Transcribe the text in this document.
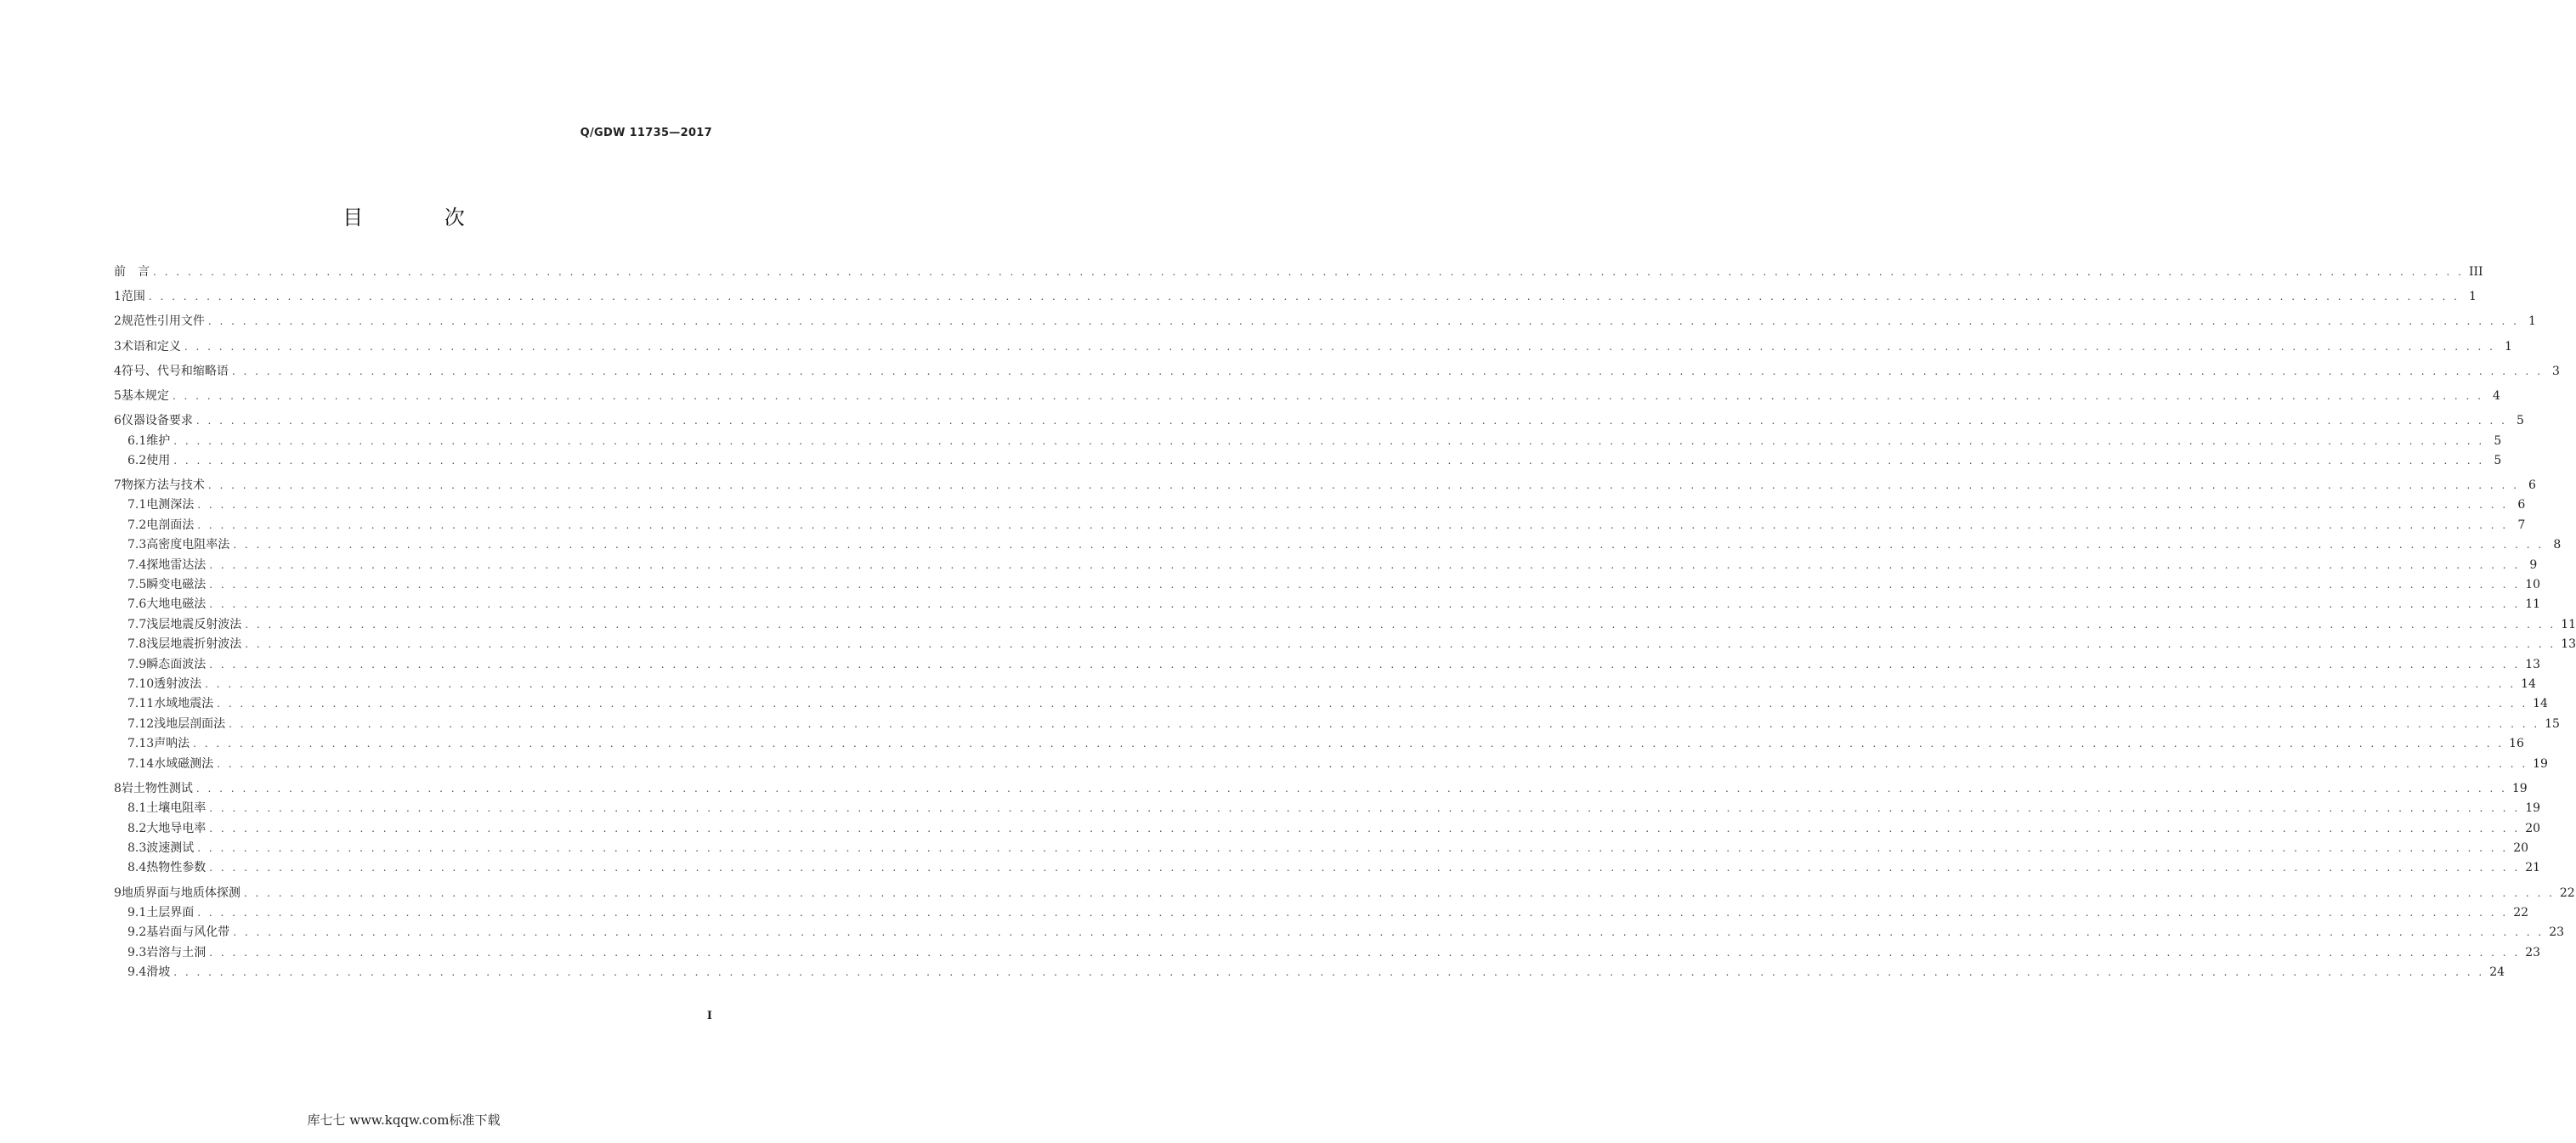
Q/GDW 11735—2017
目 次
前　言 . . . . . . . . . . . . . . . . . . . . . . . . . . . . . . . . . . . . . . . . . . . . . . . . . . . . . . . . . . . . . . . . . . . . . . . . . . . . . . . . . . . . . . . . . . . . . . . . . . . . . . . . . . . . . . . . . . . . . . . . . . . . . . . . . . . . . . . . . . . . . . . . . . . . . . . . . . . . . . . . . . . . . . . . . . . . . . . . . . . . . . . . . . . . . . . . . . . . . . . . III
1 范围 . . . . . . . . . . . . . . . . . . . . . . . . . . . . . . . . . . . . . . . . . . . . . . . . . . . . . . . . . . . . . . . . . . . . . . . . . . . . . . . . . . . . . . . . . . . . . . . . . . . . . . . . . . . . . . . . . . . . . . . . . . . . . . . . . . . . . . . . . . . . . . . . . . . . . . . . . . . . . . . . . . . . . . . . . . . . . . . . . . . . . . . . . . . . . . . . . . . . . . . . 1
2 规范性引用文件 . . . . . . . . . . . . . . . . . . . . . . . . . . . . . . . . . . . . . . . . . . . . . . . . . . . . . . . . . . . . . . . . . . . . . . . . . . . . . . . . . . . . . . . . . . . . . . . . . . . . . . . . . . . . . . . . . . . . . . . . . . . . . . . . . . . . . . . . . . . . . . . . . . . . . . . . . . . . . . . . . . . . . . . . . . . . . . . . . . . . . . . . . . . . . . . . . . . . . . . . 1
3 术语和定义 . . . . . . . . . . . . . . . . . . . . . . . . . . . . . . . . . . . . . . . . . . . . . . . . . . . . . . . . . . . . . . . . . . . . . . . . . . . . . . . . . . . . . . . . . . . . . . . . . . . . . . . . . . . . . . . . . . . . . . . . . . . . . . . . . . . . . . . . . . . . . . . . . . . . . . . . . . . . . . . . . . . . . . . . . . . . . . . . . . . . . . . . . . . . . . . . . . . . . . . . 1
4 符号、代号和缩略语 . . . . . . . . . . . . . . . . . . . . . . . . . . . . . . . . . . . . . . . . . . . . . . . . . . . . . . . . . . . . . . . . . . . . . . . . . . . . . . . . . . . . . . . . . . . . . . . . . . . . . . . . . . . . . . . . . . . . . . . . . . . . . . . . . . . . . . . . . . . . . . . . . . . . . . . . . . . . . . . . . . . . . . . . . . . . . . . . . . . . . . . . . . . . . . . . . . . . . . . . 3
5 基本规定 . . . . . . . . . . . . . . . . . . . . . . . . . . . . . . . . . . . . . . . . . . . . . . . . . . . . . . . . . . . . . . . . . . . . . . . . . . . . . . . . . . . . . . . . . . . . . . . . . . . . . . . . . . . . . . . . . . . . . . . . . . . . . . . . . . . . . . . . . . . . . . . . . . . . . . . . . . . . . . . . . . . . . . . . . . . . . . . . . . . . . . . . . . . . . . . . . . . . . . . . 4
6 仪器设备要求 . . . . . . . . . . . . . . . . . . . . . . . . . . . . . . . . . . . . . . . . . . . . . . . . . . . . . . . . . . . . . . . . . . . . . . . . . . . . . . . . . . . . . . . . . . . . . . . . . . . . . . . . . . . . . . . . . . . . . . . . . . . . . . . . . . . . . . . . . . . . . . . . . . . . . . . . . . . . . . . . . . . . . . . . . . . . . . . . . . . . . . . . . . . . . . . . . . . . . . . . 5
6.1 维护 . . . . . . . . . . . . . . . . . . . . . . . . . . . . . . . . . . . . . . . . . . . . . . . . . . . . . . . . . . . . . . . . . . . . . . . . . . . . . . . . . . . . . . . . . . . . . . . . . . . . . . . . . . . . . . . . . . . . . . . . . . . . . . . . . . . . . . . . . . . . . . . . . . . . . . . . . . . . . . . . . . . . . . . . . . . . . . . . . . . . . . . . . . . . . . . . . . . . . . . . 5
6.2 使用 . . . . . . . . . . . . . . . . . . . . . . . . . . . . . . . . . . . . . . . . . . . . . . . . . . . . . . . . . . . . . . . . . . . . . . . . . . . . . . . . . . . . . . . . . . . . . . . . . . . . . . . . . . . . . . . . . . . . . . . . . . . . . . . . . . . . . . . . . . . . . . . . . . . . . . . . . . . . . . . . . . . . . . . . . . . . . . . . . . . . . . . . . . . . . . . . . . . . . . . . 5
7 物探方法与技术 . . . . . . . . . . . . . . . . . . . . . . . . . . . . . . . . . . . . . . . . . . . . . . . . . . . . . . . . . . . . . . . . . . . . . . . . . . . . . . . . . . . . . . . . . . . . . . . . . . . . . . . . . . . . . . . . . . . . . . . . . . . . . . . . . . . . . . . . . . . . . . . . . . . . . . . . . . . . . . . . . . . . . . . . . . . . . . . . . . . . . . . . . . . . . . . . . . . . . . . . 6
7.1 电测深法 . . . . . . . . . . . . . . . . . . . . . . . . . . . . . . . . . . . . . . . . . . . . . . . . . . . . . . . . . . . . . . . . . . . . . . . . . . . . . . . . . . . . . . . . . . . . . . . . . . . . . . . . . . . . . . . . . . . . . . . . . . . . . . . . . . . . . . . . . . . . . . . . . . . . . . . . . . . . . . . . . . . . . . . . . . . . . . . . . . . . . . . . . . . . . . . . . . . . . . . . 6
7.2 电剖面法 . . . . . . . . . . . . . . . . . . . . . . . . . . . . . . . . . . . . . . . . . . . . . . . . . . . . . . . . . . . . . . . . . . . . . . . . . . . . . . . . . . . . . . . . . . . . . . . . . . . . . . . . . . . . . . . . . . . . . . . . . . . . . . . . . . . . . . . . . . . . . . . . . . . . . . . . . . . . . . . . . . . . . . . . . . . . . . . . . . . . . . . . . . . . . . . . . . . . . . . . 7
7.3 高密度电阻率法 . . . . . . . . . . . . . . . . . . . . . . . . . . . . . . . . . . . . . . . . . . . . . . . . . . . . . . . . . . . . . . . . . . . . . . . . . . . . . . . . . . . . . . . . . . . . . . . . . . . . . . . . . . . . . . . . . . . . . . . . . . . . . . . . . . . . . . . . . . . . . . . . . . . . . . . . . . . . . . . . . . . . . . . . . . . . . . . . . . . . . . . . . . . . . . . . . . . . . . . . 8
7.4 探地雷达法 . . . . . . . . . . . . . . . . . . . . . . . . . . . . . . . . . . . . . . . . . . . . . . . . . . . . . . . . . . . . . . . . . . . . . . . . . . . . . . . . . . . . . . . . . . . . . . . . . . . . . . . . . . . . . . . . . . . . . . . . . . . . . . . . . . . . . . . . . . . . . . . . . . . . . . . . . . . . . . . . . . . . . . . . . . . . . . . . . . . . . . . . . . . . . . . . . . . . . . . . 9
7.5 瞬变电磁法 . . . . . . . . . . . . . . . . . . . . . . . . . . . . . . . . . . . . . . . . . . . . . . . . . . . . . . . . . . . . . . . . . . . . . . . . . . . . . . . . . . . . . . . . . . . . . . . . . . . . . . . . . . . . . . . . . . . . . . . . . . . . . . . . . . . . . . . . . . . . . . . . . . . . . . . . . . . . . . . . . . . . . . . . . . . . . . . . . . . . . . . . . . . . . . . . . . . . . . . . 10
7.6 大地电磁法 . . . . . . . . . . . . . . . . . . . . . . . . . . . . . . . . . . . . . . . . . . . . . . . . . . . . . . . . . . . . . . . . . . . . . . . . . . . . . . . . . . . . . . . . . . . . . . . . . . . . . . . . . . . . . . . . . . . . . . . . . . . . . . . . . . . . . . . . . . . . . . . . . . . . . . . . . . . . . . . . . . . . . . . . . . . . . . . . . . . . . . . . . . . . . . . . . . . . . . . . 11
7.7 浅层地震反射波法 . . . . . . . . . . . . . . . . . . . . . . . . . . . . . . . . . . . . . . . . . . . . . . . . . . . . . . . . . . . . . . . . . . . . . . . . . . . . . . . . . . . . . . . . . . . . . . . . . . . . . . . . . . . . . . . . . . . . . . . . . . . . . . . . . . . . . . . . . . . . . . . . . . . . . . . . . . . . . . . . . . . . . . . . . . . . . . . . . . . . . . . . . . . . . . . . . . . . . . . . 11
7.8 浅层地震折射波法 . . . . . . . . . . . . . . . . . . . . . . . . . . . . . . . . . . . . . . . . . . . . . . . . . . . . . . . . . . . . . . . . . . . . . . . . . . . . . . . . . . . . . . . . . . . . . . . . . . . . . . . . . . . . . . . . . . . . . . . . . . . . . . . . . . . . . . . . . . . . . . . . . . . . . . . . . . . . . . . . . . . . . . . . . . . . . . . . . . . . . . . . . . . . . . . . . . . . . . . . 13
7.9 瞬态面波法 . . . . . . . . . . . . . . . . . . . . . . . . . . . . . . . . . . . . . . . . . . . . . . . . . . . . . . . . . . . . . . . . . . . . . . . . . . . . . . . . . . . . . . . . . . . . . . . . . . . . . . . . . . . . . . . . . . . . . . . . . . . . . . . . . . . . . . . . . . . . . . . . . . . . . . . . . . . . . . . . . . . . . . . . . . . . . . . . . . . . . . . . . . . . . . . . . . . . . . . . 13
7.10 透射波法 . . . . . . . . . . . . . . . . . . . . . . . . . . . . . . . . . . . . . . . . . . . . . . . . . . . . . . . . . . . . . . . . . . . . . . . . . . . . . . . . . . . . . . . . . . . . . . . . . . . . . . . . . . . . . . . . . . . . . . . . . . . . . . . . . . . . . . . . . . . . . . . . . . . . . . . . . . . . . . . . . . . . . . . . . . . . . . . . . . . . . . . . . . . . . . . . . . . . . . . . 14
7.11 水域地震法 . . . . . . . . . . . . . . . . . . . . . . . . . . . . . . . . . . . . . . . . . . . . . . . . . . . . . . . . . . . . . . . . . . . . . . . . . . . . . . . . . . . . . . . . . . . . . . . . . . . . . . . . . . . . . . . . . . . . . . . . . . . . . . . . . . . . . . . . . . . . . . . . . . . . . . . . . . . . . . . . . . . . . . . . . . . . . . . . . . . . . . . . . . . . . . . . . . . . . . . . 14
7.12 浅地层剖面法 . . . . . . . . . . . . . . . . . . . . . . . . . . . . . . . . . . . . . . . . . . . . . . . . . . . . . . . . . . . . . . . . . . . . . . . . . . . . . . . . . . . . . . . . . . . . . . . . . . . . . . . . . . . . . . . . . . . . . . . . . . . . . . . . . . . . . . . . . . . . . . . . . . . . . . . . . . . . . . . . . . . . . . . . . . . . . . . . . . . . . . . . . . . . . . . . . . . . . . . . 15
7.13 声呐法 . . . . . . . . . . . . . . . . . . . . . . . . . . . . . . . . . . . . . . . . . . . . . . . . . . . . . . . . . . . . . . . . . . . . . . . . . . . . . . . . . . . . . . . . . . . . . . . . . . . . . . . . . . . . . . . . . . . . . . . . . . . . . . . . . . . . . . . . . . . . . . . . . . . . . . . . . . . . . . . . . . . . . . . . . . . . . . . . . . . . . . . . . . . . . . . . . . . . . . . . 16
7.14 水域磁测法 . . . . . . . . . . . . . . . . . . . . . . . . . . . . . . . . . . . . . . . . . . . . . . . . . . . . . . . . . . . . . . . . . . . . . . . . . . . . . . . . . . . . . . . . . . . . . . . . . . . . . . . . . . . . . . . . . . . . . . . . . . . . . . . . . . . . . . . . . . . . . . . . . . . . . . . . . . . . . . . . . . . . . . . . . . . . . . . . . . . . . . . . . . . . . . . . . . . . . . . . 19
8 岩土物性测试 . . . . . . . . . . . . . . . . . . . . . . . . . . . . . . . . . . . . . . . . . . . . . . . . . . . . . . . . . . . . . . . . . . . . . . . . . . . . . . . . . . . . . . . . . . . . . . . . . . . . . . . . . . . . . . . . . . . . . . . . . . . . . . . . . . . . . . . . . . . . . . . . . . . . . . . . . . . . . . . . . . . . . . . . . . . . . . . . . . . . . . . . . . . . . . . . . . . . . . . . 19
8.1 土壤电阻率 . . . . . . . . . . . . . . . . . . . . . . . . . . . . . . . . . . . . . . . . . . . . . . . . . . . . . . . . . . . . . . . . . . . . . . . . . . . . . . . . . . . . . . . . . . . . . . . . . . . . . . . . . . . . . . . . . . . . . . . . . . . . . . . . . . . . . . . . . . . . . . . . . . . . . . . . . . . . . . . . . . . . . . . . . . . . . . . . . . . . . . . . . . . . . . . . . . . . . . . . 19
8.2 大地导电率 . . . . . . . . . . . . . . . . . . . . . . . . . . . . . . . . . . . . . . . . . . . . . . . . . . . . . . . . . . . . . . . . . . . . . . . . . . . . . . . . . . . . . . . . . . . . . . . . . . . . . . . . . . . . . . . . . . . . . . . . . . . . . . . . . . . . . . . . . . . . . . . . . . . . . . . . . . . . . . . . . . . . . . . . . . . . . . . . . . . . . . . . . . . . . . . . . . . . . . . . 20
8.3 波速测试 . . . . . . . . . . . . . . . . . . . . . . . . . . . . . . . . . . . . . . . . . . . . . . . . . . . . . . . . . . . . . . . . . . . . . . . . . . . . . . . . . . . . . . . . . . . . . . . . . . . . . . . . . . . . . . . . . . . . . . . . . . . . . . . . . . . . . . . . . . . . . . . . . . . . . . . . . . . . . . . . . . . . . . . . . . . . . . . . . . . . . . . . . . . . . . . . . . . . . . . . 20
8.4 热物性参数 . . . . . . . . . . . . . . . . . . . . . . . . . . . . . . . . . . . . . . . . . . . . . . . . . . . . . . . . . . . . . . . . . . . . . . . . . . . . . . . . . . . . . . . . . . . . . . . . . . . . . . . . . . . . . . . . . . . . . . . . . . . . . . . . . . . . . . . . . . . . . . . . . . . . . . . . . . . . . . . . . . . . . . . . . . . . . . . . . . . . . . . . . . . . . . . . . . . . . . . . 21
9 地质界面与地质体探测 . . . . . . . . . . . . . . . . . . . . . . . . . . . . . . . . . . . . . . . . . . . . . . . . . . . . . . . . . . . . . . . . . . . . . . . . . . . . . . . . . . . . . . . . . . . . . . . . . . . . . . . . . . . . . . . . . . . . . . . . . . . . . . . . . . . . . . . . . . . . . . . . . . . . . . . . . . . . . . . . . . . . . . . . . . . . . . . . . . . . . . . . . . . . . . . . . . . . . . . . 22
9.1 土层界面 . . . . . . . . . . . . . . . . . . . . . . . . . . . . . . . . . . . . . . . . . . . . . . . . . . . . . . . . . . . . . . . . . . . . . . . . . . . . . . . . . . . . . . . . . . . . . . . . . . . . . . . . . . . . . . . . . . . . . . . . . . . . . . . . . . . . . . . . . . . . . . . . . . . . . . . . . . . . . . . . . . . . . . . . . . . . . . . . . . . . . . . . . . . . . . . . . . . . . . . . 22
9.2 基岩面与风化带 . . . . . . . . . . . . . . . . . . . . . . . . . . . . . . . . . . . . . . . . . . . . . . . . . . . . . . . . . . . . . . . . . . . . . . . . . . . . . . . . . . . . . . . . . . . . . . . . . . . . . . . . . . . . . . . . . . . . . . . . . . . . . . . . . . . . . . . . . . . . . . . . . . . . . . . . . . . . . . . . . . . . . . . . . . . . . . . . . . . . . . . . . . . . . . . . . . . . . . . . 23
9.3 岩溶与土洞 . . . . . . . . . . . . . . . . . . . . . . . . . . . . . . . . . . . . . . . . . . . . . . . . . . . . . . . . . . . . . . . . . . . . . . . . . . . . . . . . . . . . . . . . . . . . . . . . . . . . . . . . . . . . . . . . . . . . . . . . . . . . . . . . . . . . . . . . . . . . . . . . . . . . . . . . . . . . . . . . . . . . . . . . . . . . . . . . . . . . . . . . . . . . . . . . . . . . . . . . 23
9.4 滑坡 . . . . . . . . . . . . . . . . . . . . . . . . . . . . . . . . . . . . . . . . . . . . . . . . . . . . . . . . . . . . . . . . . . . . . . . . . . . . . . . . . . . . . . . . . . . . . . . . . . . . . . . . . . . . . . . . . . . . . . . . . . . . . . . . . . . . . . . . . . . . . . . . . . . . . . . . . . . . . . . . . . . . . . . . . . . . . . . . . . . . . . . . . . . . . . . . . . . . . . . . 24
I
库七七 www.kqqw.com标准下载
